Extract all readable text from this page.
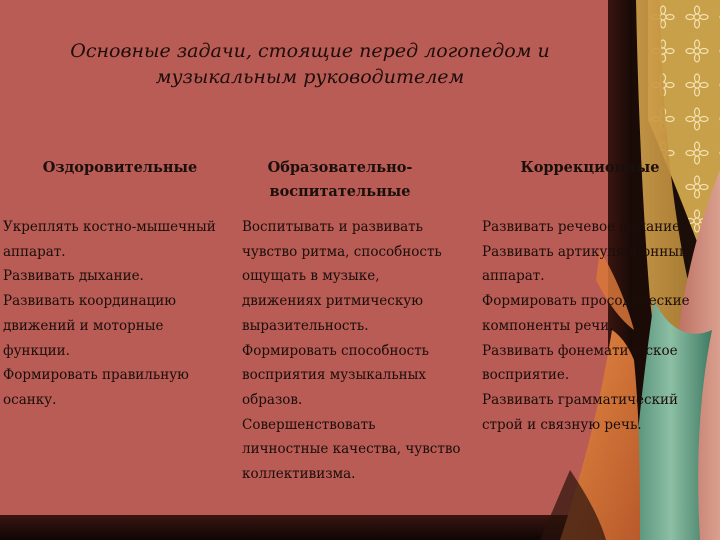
Основные задачи, стоящие перед логопедом и
музыкальным руководителем
Оздоровительные	Образовательно-
воспитательные
Коррекционные
Укреплять костно-мышечный
аппарат.
Развивать дыхание.
Развивать координацию
движений и моторные
функции.
Формировать правильную
осанку.
Воспитывать и развивать
чувство ритма, способность
ощущать в музыке,
движениях ритмическую
выразительность.
Формировать способность
восприятия музыкальных
образов.
Совершенствовать
личностные качества, чувство
коллективизма.
Развивать речевое дыхание.
Развивать артикуляционный
аппарат.
Формировать просодические
компоненты речи.
Развивать фонематическое
восприятие.
Развивать грамматический
строй и связную речь.
